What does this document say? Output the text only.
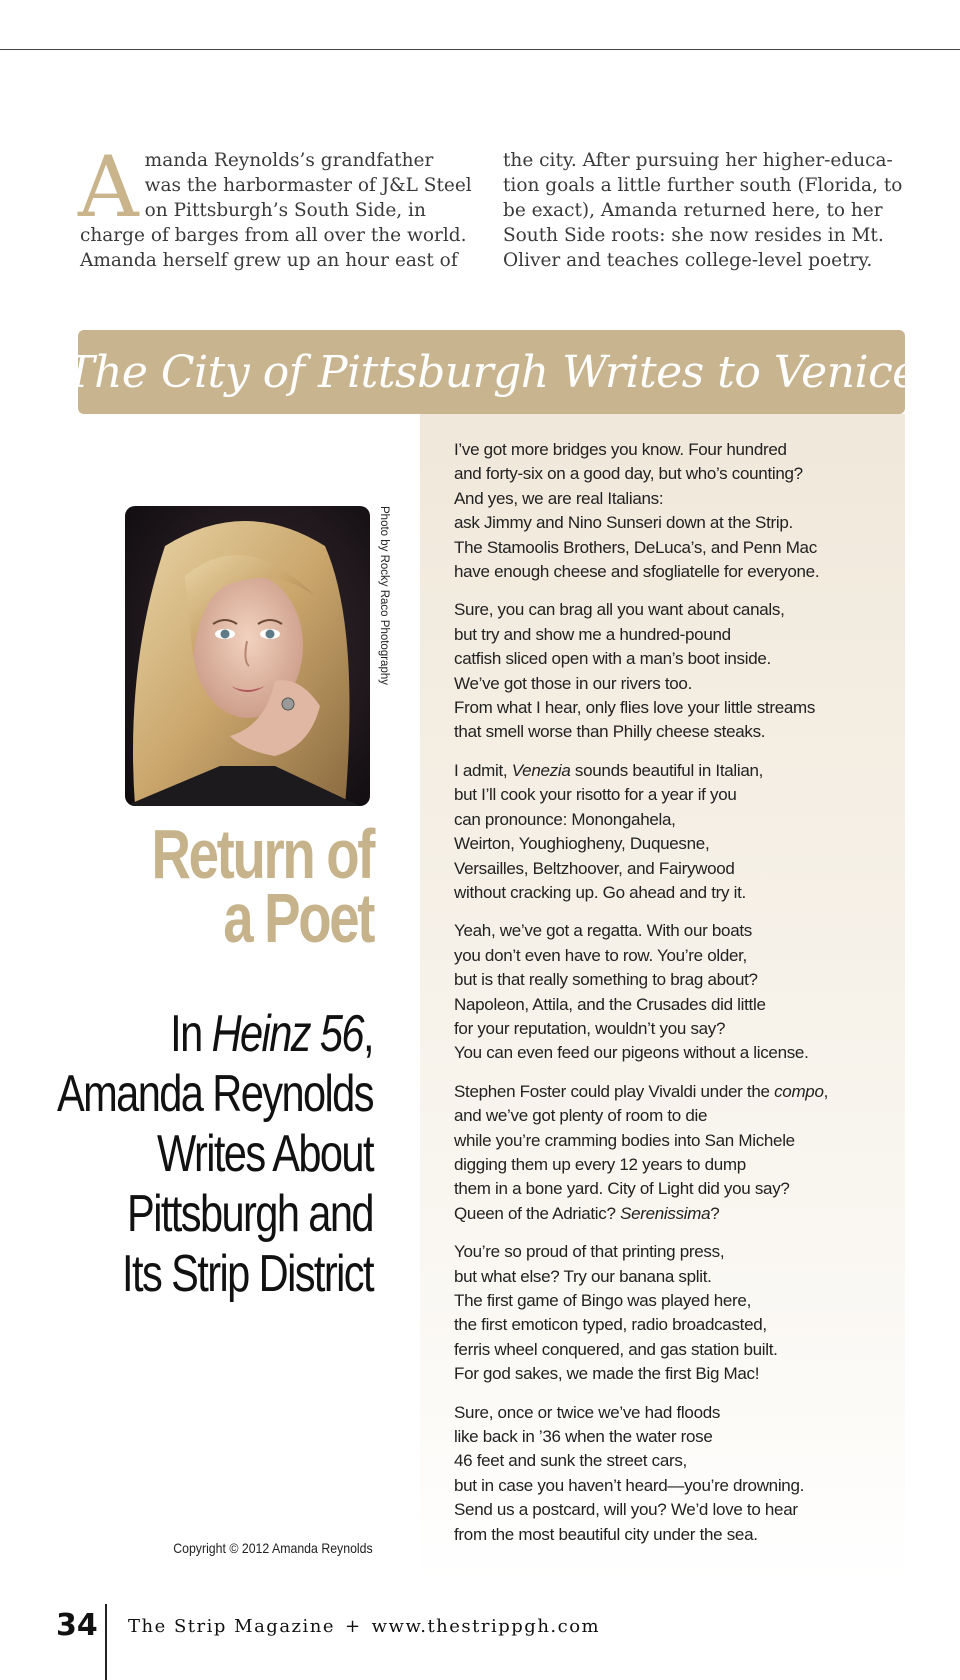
A manda Reynolds’s grandfather
was the harbormaster of J&L Steel
on Pittsburgh’s South Side, in
charge of barges from all over the world.
Amanda herself grew up an hour east of

the city. After pursuing her higher-educa-
tion goals a little further south (Florida, to
be exact), Amanda returned here, to her
South Side roots: she now resides in Mt.
Oliver and teaches college-level poetry.

The City of Pittsburgh Writes to Venice
I’ve got more bridges you know. Four hundred
and forty-six on a good day, but who’s counting?
And yes, we are real Italians:
ask Jimmy and Nino Sunseri down at the Strip.
The Stamoolis Brothers, DeLuca’s, and Penn Mac
have enough cheese and sfogliatelle for everyone.
Sure, you can brag all you want about canals,
but try and show me a hundred-pound
catfish sliced open with a man’s boot inside.
We’ve got those in our rivers too.
From what I hear, only flies love your little streams
that smell worse than Philly cheese steaks.
I admit, Venezia sounds beautiful in Italian,
but I’ll cook your risotto for a year if you
can pronounce: Monongahela,
Weirton, Youghiogheny, Duquesne,
Versailles, Beltzhoover, and Fairywood
without cracking up. Go ahead and try it.
Yeah, we’ve got a regatta. With our boats
you don’t even have to row. You’re older,
but is that really something to brag about?
Napoleon, Attila, and the Crusades did little
for your reputation, wouldn’t you say?
You can even feed our pigeons without a license.
Stephen Foster could play Vivaldi under the compo,
and we’ve got plenty of room to die
while you’re cramming bodies into San Michele
digging them up every 12 years to dump
them in a bone yard. City of Light did you say?
Queen of the Adriatic? Serenissima?
You’re so proud of that printing press,
but what else? Try our banana split.
The first game of Bingo was played here,
the first emoticon typed, radio broadcasted,
ferris wheel conquered, and gas station built.
For god sakes, we made the first Big Mac!
Sure, once or twice we’ve had floods
like back in ’36 when the water rose
46 feet and sunk the street cars,
but in case you haven’t heard—you’re drowning.
Send us a postcard, will you? We’d love to hear
from the most beautiful city under the sea.
Photo by Rocky Raco Photography
Return of
a Poet
In Heinz 56,
Amanda Reynolds
Writes About
Pittsburgh and
Its Strip District
Copyright © 2012 Amanda Reynolds
34 The Strip Magazine + www.thestrippgh.com
